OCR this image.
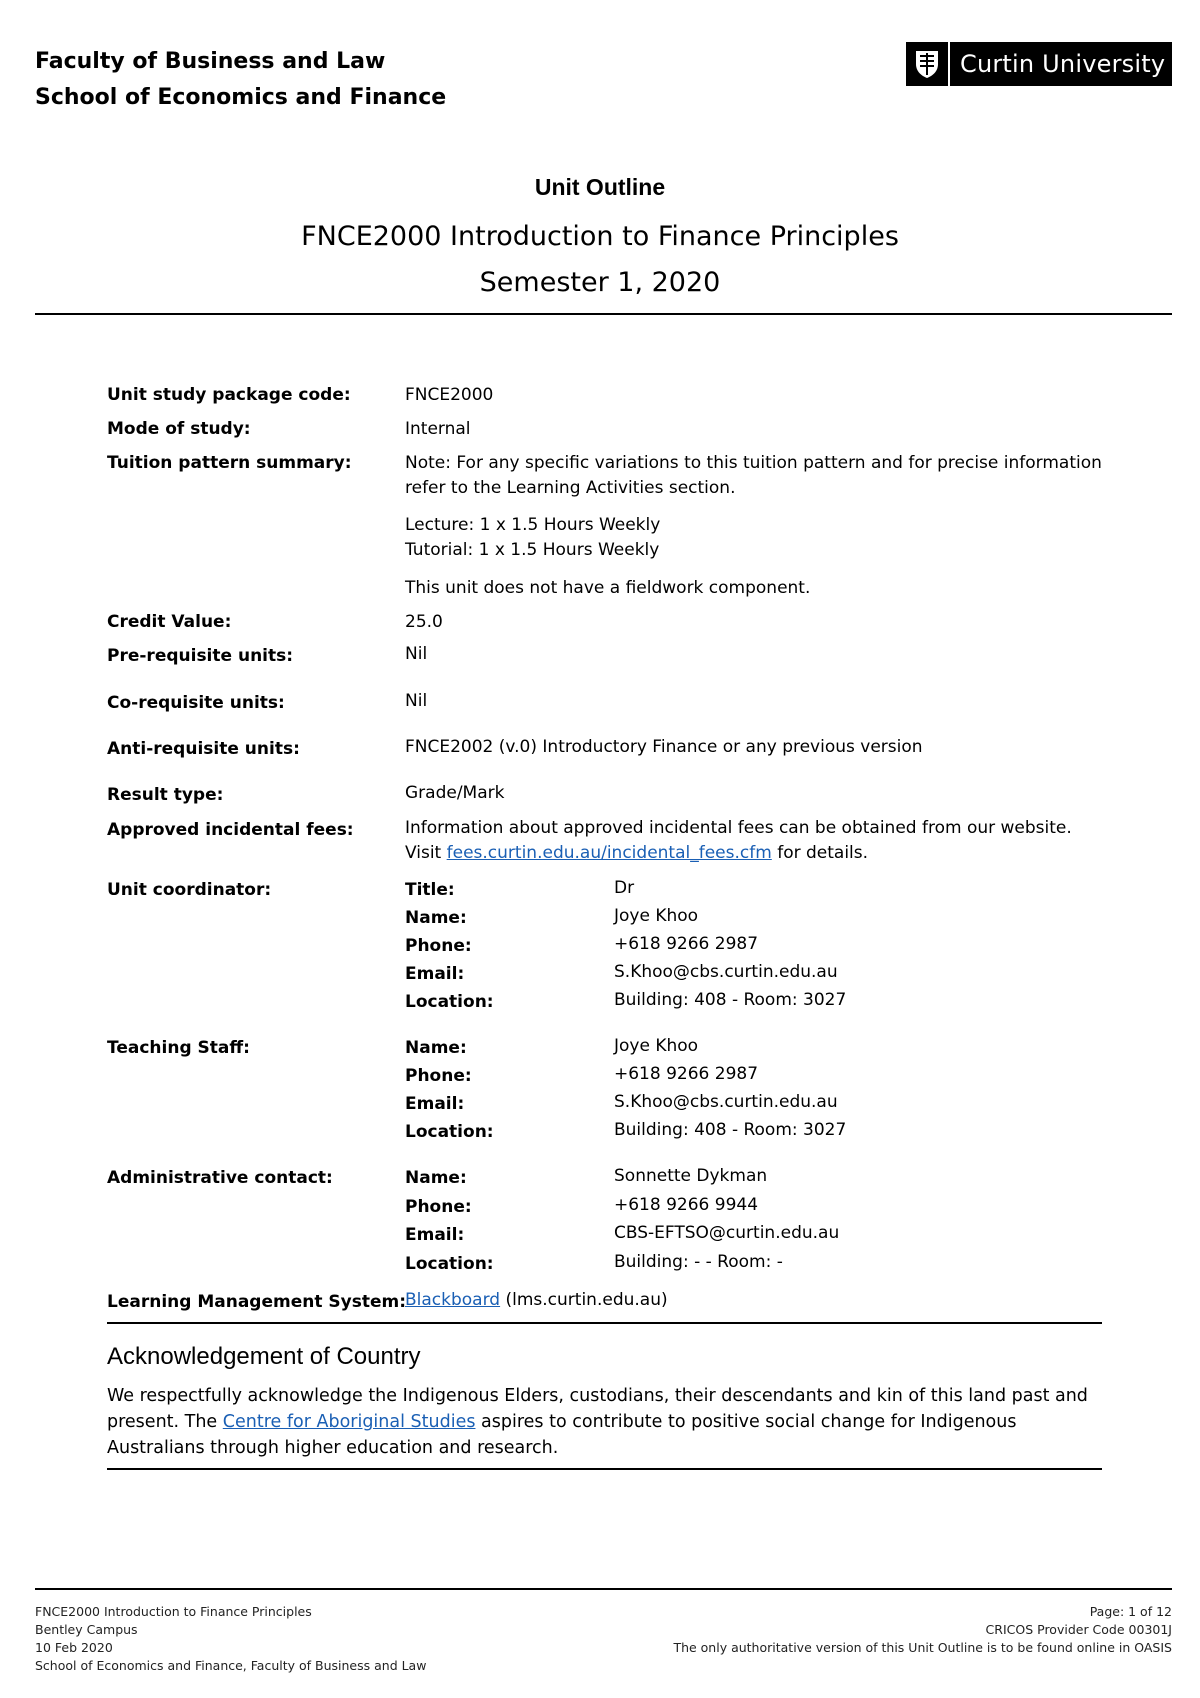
Faculty of Business and Law
School of Economics and Finance
Curtin University
Unit Outline
FNCE2000 Introduction to Finance Principles
Semester 1, 2020
Unit study package code:	FNCE2000
Mode of study:	Internal
Tuition pattern summary:	Note: For any specific variations to this tuition pattern and for precise information refer to the Learning Activities section.
Lecture: 1 x 1.5 Hours Weekly
Tutorial: 1 x 1.5 Hours Weekly
This unit does not have a fieldwork component.
Credit Value:	25.0
Pre-requisite units:	Nil
Co-requisite units:	Nil
Anti-requisite units:	FNCE2002 (v.0) Introductory Finance or any previous version
Result type:	Grade/Mark
Approved incidental fees:	Information about approved incidental fees can be obtained from our website.
Visit fees.curtin.edu.au/incidental_fees.cfm for details.
Unit coordinator:	Title:	Dr
Name:	Joye Khoo
Phone:	+618 9266 2987
Email:	S.Khoo@cbs.curtin.edu.au
Location:	Building: 408 - Room: 3027
Teaching Staff:	Name:	Joye Khoo
Phone:	+618 9266 2987
Email:	S.Khoo@cbs.curtin.edu.au
Location:	Building: 408 - Room: 3027
Administrative contact:	Name:	Sonnette Dykman
Phone:	+618 9266 9944
Email:	CBS-EFTSO@curtin.edu.au
Location:	Building: - - Room: -
Learning Management System:
Blackboard (lms.curtin.edu.au)
Acknowledgement of Country
We respectfully acknowledge the Indigenous Elders, custodians, their descendants and kin of this land past and present. The Centre for Aboriginal Studies aspires to contribute to positive social change for Indigenous Australians through higher education and research.
FNCE2000 Introduction to Finance Principles
Bentley Campus
10 Feb 2020
School of Economics and Finance, Faculty of Business and Law
Page: 1 of 12
CRICOS Provider Code 00301J
The only authoritative version of this Unit Outline is to be found online in OASIS
